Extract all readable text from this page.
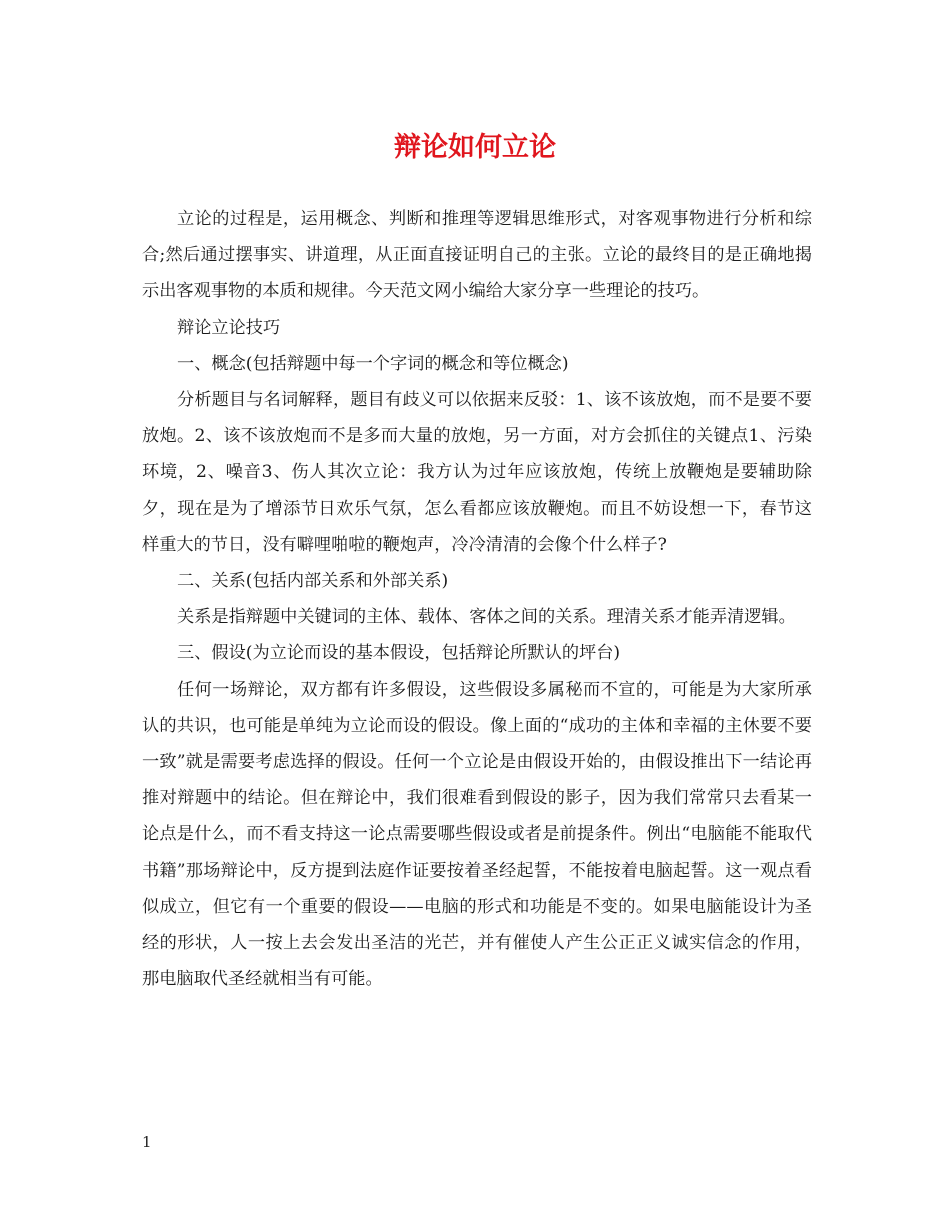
辩论如何立论

立论的过程是，运用概念、判断和推理等逻辑思维形式，对客观事物进行分析和综合;然后通过摆事实、讲道理，从正面直接证明自己的主张。立论的最终目的是正确地揭示出客观事物的本质和规律。今天范文网小编给大家分享一些理论的技巧。

辩论立论技巧

一、概念(包括辩题中每一个字词的概念和等位概念)

分析题目与名词解释，题目有歧义可以依据来反驳：1、该不该放炮，而不是要不要放炮。2、该不该放炮而不是多而大量的放炮，另一方面，对方会抓住的关键点1、污染环境，2、噪音3、伤人其次立论：我方认为过年应该放炮，传统上放鞭炮是要辅助除夕，现在是为了增添节日欢乐气氛，怎么看都应该放鞭炮。而且不妨设想一下，春节这样重大的节日，没有噼哩啪啦的鞭炮声，冷冷清清的会像个什么样子?

二、关系(包括内部关系和外部关系)

关系是指辩题中关键词的主体、载体、客体之间的关系。理清关系才能弄清逻辑。

三、假设(为立论而设的基本假设，包括辩论所默认的坪台)

任何一场辩论，双方都有许多假设，这些假设多属秘而不宣的，可能是为大家所承认的共识，也可能是单纯为立论而设的假设。像上面的“成功的主体和幸福的主休要不要一致”就是需要考虑选择的假设。任何一个立论是由假设开始的，由假设推出下一结论再推对辩题中的结论。但在辩论中，我们很难看到假设的影子，因为我们常常只去看某一论点是什么，而不看支持这一论点需要哪些假设或者是前提条件。例出“电脑能不能取代书籍”那场辩论中，反方提到法庭作证要按着圣经起誓，不能按着电脑起誓。这一观点看似成立，但它有一个重要的假设——电脑的形式和功能是不变的。如果电脑能设计为圣经的形状，人一按上去会发出圣洁的光芒，并有催使人产生公正正义诚实信念的作用，那电脑取代圣经就相当有可能。

1
